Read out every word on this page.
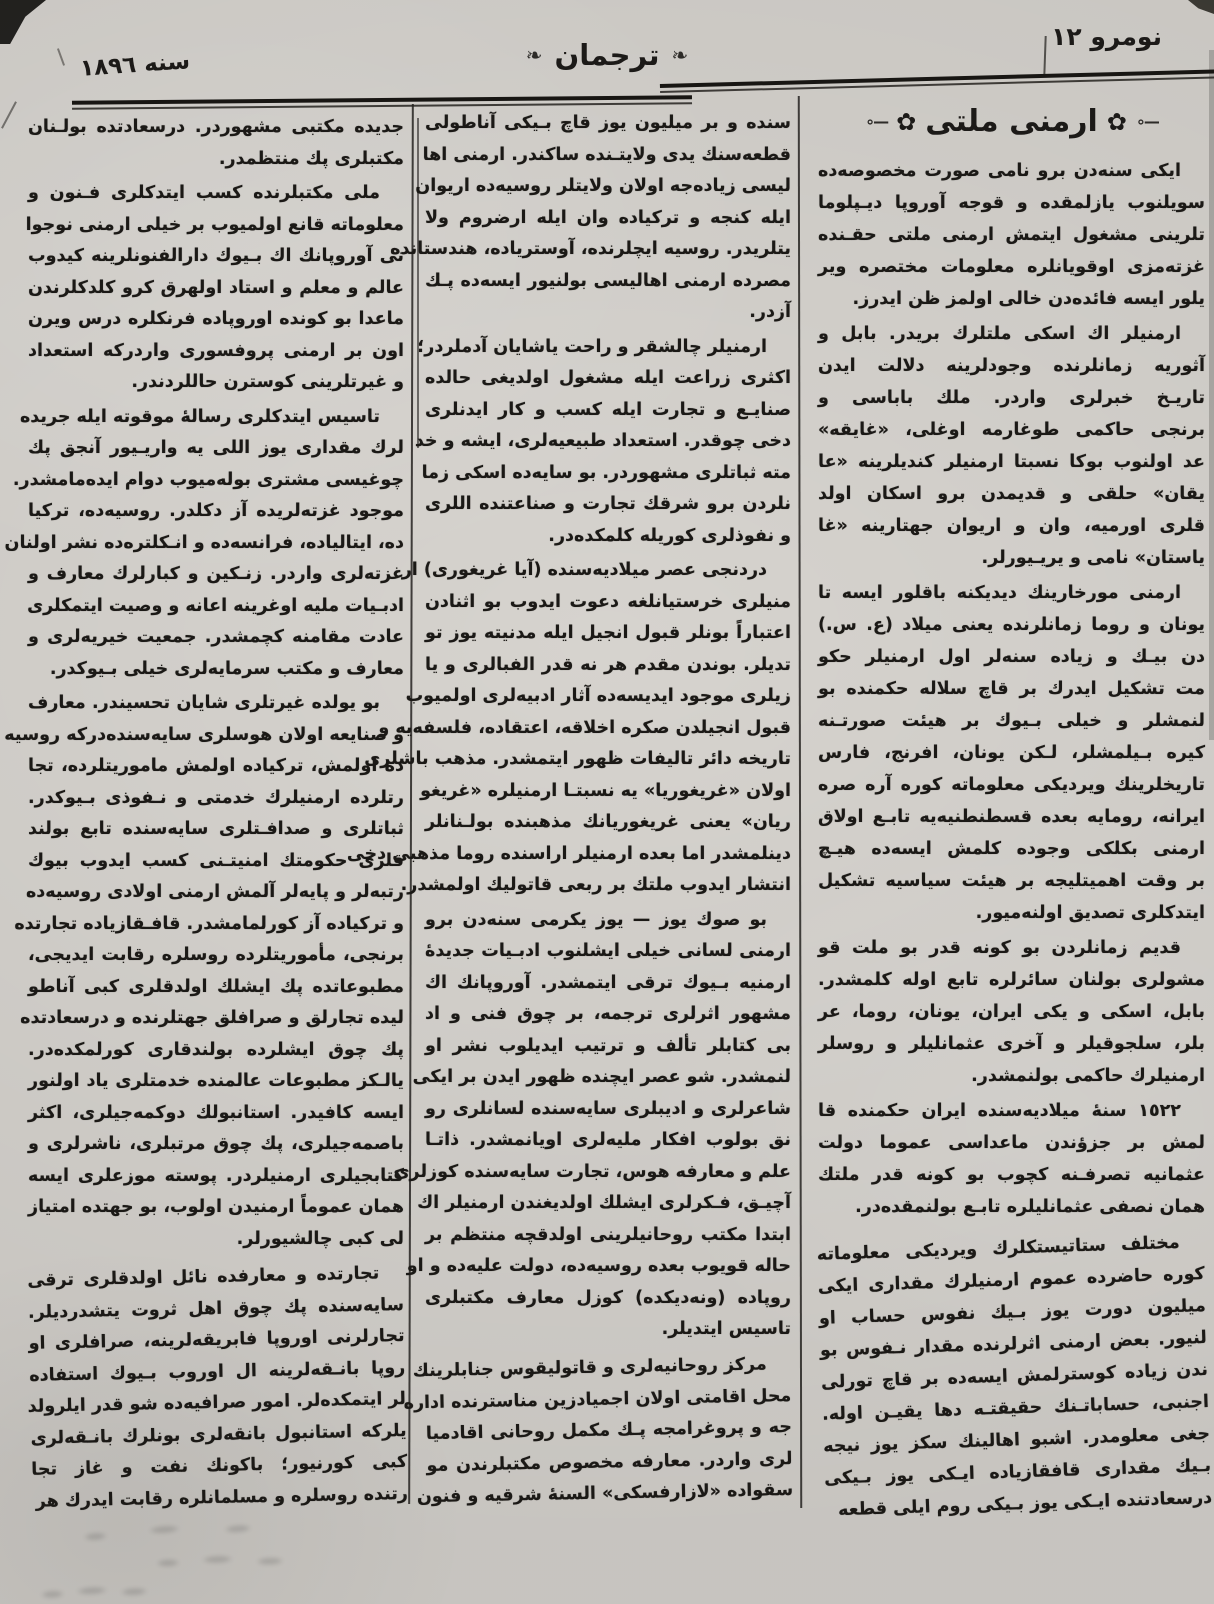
نومرو ١٢
❧
ترجمان
❧
سنه ١٨٩٦
—∘
✿
ارمنى ملتى
✿
—∘
ایکی سنه‌دن برو نامی صورت مخصوصه‌ده
سویلنوب یازلمقده و قوجه آوروپا دیـپلوما
تلرینی مشغول ایتمش ارمنی ملتی حقـنده
غزته‌مزی اوقویانلره معلومات مختصره ویر
یلور ایسه فائده‌دن خالی اولمز ظن ایدرز.
ارمنیلر اك اسکی ملتلرك بریدر. بابل و
آثوریه زمانلرنده وجودلرینه دلالت ایدن
تاریـخ خبرلری واردر. ملك باباسی و
برنجی حاکمی طوغارمه اوغلی، «غایقه»
عد اولنوب بوکا نسبتا ارمنیلر کندیلرینه «عا
یقان» حلقی و قدیمدن برو اسکان اولد
قلری اورمیه، وان و اریوان جهتارینه «غا
یاستان» نامی و یریـیورلر.
ارمنی مورخارینك دیدیکنه باقلور ایسه تا
یونان و روما زمانلرنده یعنی میلاد (ع. س.)
دن بیـك و زیاده سنه‌لر اول ارمنیلر حکو
مت تشکیل ایدرك بر قاچ سلاله حکمنده بو
لنمشلر و خیلی بـیوك بر هیئت صورتـنه
کیره بـیلمشلر، لـکن یونان، افرنج، فارس
تاریخلرینك ویردیکی معلوماته کوره آره صره
ایرانه، رومایه بعده قسطنطنیه‌یه تابـع اولاق
ارمنی بکلکی وجوده کلمش ایسه‌ده هیـچ
بر وقت اهمیتلیجه بر هیئت سیاسیه تشکیل
ایتدکلری تصدیق اولنه‌میور.
قدیم زمانلردن بو کونه قدر بو ملت قو
مشولری بولنان سائرلره تابع اوله کلمشدر.
بابل، اسکی و یکی ایران، یونان، روما، عر
بلر، سلجوقیلر و آخری عثمانلیلر و روسلر
ارمنیلرك حاکمی بولنمشدر.
١٥٢٢ سنهٔ میلادیه‌سنده ایران حکمنده قا
لمش بر جزؤندن ماعداسی عموما دولت
عثمانیه تصرفـنه کچوب بو کونه قدر ملتك
همان نصفی عثمانلیلره تابـع بولنمقده‌در.
مختلف ستاتیستکلرك ویردیکی معلوماته
کوره حاضرده عموم ارمنیلرك مقداری ایکی
میلیون دورت یوز بـیك نفوس حساب او
لنیور. بعض ارمنی اثرلرنده مقدار نـفوس بو
ندن زیاده کوسترلمش ایسه‌ده بر قاچ تورلی
اجنبی، حساباتـنك حقیقتـه دها یقیـن اوله.
جغی معلومدر. اشبو اهالینك سکز یوز نیجه
بـیك مقداری قافقازیاده ایـکی یوز بـیکی
درسعادتنده ایـکی یوز بـیکی روم ایلی قطعه
سنده و بر میلیون یوز قاچ بـیکی آناطولی
قطعه‌سنك یدی ولایتـنده ساکندر. ارمنی اها
لیسی زیاده‌جه اولان ولایتلر روسیه‌ده اریوان
ایله کنجه و ترکیاده وان ایله ارضروم ولا
یتلریدر. روسیه ایچلرنده، آوستریاده، هندستانده
مصرده ارمنی اهالیسی بولنیور ایسه‌ده پـك
آزدر.
ارمنیلر چالشقر و راحت یاشایان آدملردر؛
اکثری زراعت ایله مشغول اولدیغی حالده
صنایـع و تجارت ایله کسب و کار ایدنلری
دخی چوقدر. استعداد طبیعیه‌لری، ایشه و خد
مته ثباتلری مشهوردر. بو سایه‌ده اسکی زما
نلردن برو شرقك تجارت و صناعتنده اللری
و نفوذلری کوریله کلمکده‌در.
دردنجی عصر میلادیه‌سنده (آیا غریغوری) ار
منیلری خرستیانلغه دعوت ایدوب بو اثنادن
اعتباراً بونلر قبول انجیل ایله مدنیته یوز تو
تدیلر. بوندن مقدم هر نه قدر الفبالری و یا
زیلری موجود ایدیسه‌ده آثار ادبیه‌لری اولمیوب
قبول انجیلدن صکره اخلاقه، اعتقاده، فلسفه‌یه و
تاریخه دائر تالیفات ظهور ایتمشدر. مذهب باشلری
اولان «غریغوریا» یه نسبتـا ارمنیلره «غریغو
ریان» یعنی غریغوریانك مذهبنده بولـنانلر
دینلمشدر اما بعده ارمنیلر اراسنده روما مذهبی دخی
انتشار ایدوب ملتك بر ربعی قاتولیك اولمشدر.
بو صوك یوز — یوز یکرمی سنه‌دن برو
ارمنی لسانی خیلی ایشلنوب ادبـیات جدیدهٔ
ارمنیه بـیوك ترقی ایتمشدر. آوروپانك اك
مشهور اثرلری ترجمه، بر چوق فنی و اد
بی کتابلر تألف و ترتیب ایدیلوب نشر او
لنمشدر. شو عصر ایچنده ظهور ایدن بر ایکی
شاعرلری و ادیبلری سایه‌سنده لسانلری رو
نق بولوب افکار ملیه‌لری اویانمشدر. ذاتـا
علم و معارفه هوس، تجارت سایه‌سنده کوزلری
آچیـق، فـکرلری ایشلك اولدیغندن ارمنیلر اك
ابتدا مکتب روحانیلرینی اولدقچه منتظم بر
حاله قویوب بعده روسیه‌ده، دولت علیه‌ده و او
روپاده (ونه‌دیکده) کوزل معارف مکتبلری
تاسیس ایتدیلر.
مرکز روحانیه‌لری و قاتولیقوس جنابلرینك
محل اقامتی اولان اجمیادزین مناسترنده اداره
جه و پروغرامجه پـك مکمل روحانی اقادمیا
لری واردر. معارفه مخصوص مکتبلرندن مو
سقواده «لازارفسکی» السنهٔ شرقیه و فنون
جدیده مکتبی مشهوردر. درسعادتده بولـنان
مکتبلری پك منتظمدر.
ملی مکتبلرنده کسب ایتدکلری فـنون و
معلوماته قانع اولمیوب بر خیلی ارمنی نوجوا
نی آوروپانك اك بـیوك دارالفنونلرینه کیدوب
عالم و معلم و استاد اولهرق کرو کلدکلرندن
ماعدا بو کونده اوروپاده فرنکلره درس ویرن
اون بر ارمنی پروفسوری واردرکه استعداد
و غیرتلرینی کوسترن حاللردندر.
تاسیس ایتدکلری رسالهٔ موقوته ایله جریده
لرك مقداری یوز اللی یه واریـیور آنجق پك
چوغیسی مشتری بوله‌میوب دوام ایده‌مامشدر.
موجود غزته‌لریده آز دکلدر. روسیه‌ده، ترکیا
ده، ایتالیاده، فرانسه‌ده و انـکلتره‌ده نشر اولنان
غزته‌لری واردر. زنـکین و کبارلرك معارف و
ادبـیات ملیه اوغرینه اعانه و وصیت ایتمکلری
عادت مقامنه کچمشدر. جمعیت خیریه‌لری و
معارف و مکتب سرمایه‌لری خیلی بـیوکدر.
بو یولده غیرتلری شایان تحسیندر. معارف
و صنایعه اولان هوسلری سایه‌سنده‌درکه روسیه
ده اولمش، ترکیاده اولمش ماموریتلرده، تجا
رتلرده ارمنیلرك خدمتی و نـفوذی بـیوکدر.
ثباتلری و صدافـتلری سایه‌سنده تابع بولند
قلری حکومتك امنیتـنی کسب ایدوب بیوك
رتبه‌لر و پایه‌لر آلمش ارمنی اولادی روسیه‌ده
و ترکیاده آز کورلمامشدر. قافـقازیاده تجارتده
برنجی، مأموریتلرده روسلره رقابت ایدیجی،
مطبوعاتده پك ایشلك اولدقلری کبی آناطو
لیده تجارلق و صرافلق جهتلرنده و درسعادتده
پك چوق ایشلرده بولندقاری کورلمکده‌در.
یالـکز مطبوعات عالمنده خدمتلری یاد اولنور
ایسه کافیدر. استانبولك دوکمه‌جیلری، اکثر
باصمه‌جیلری، پك چوق مرتبلری، ناشرلری و
کتابجیلری ارمنیلردر. پوسته موزعلری ایسه
همان عموماً ارمنیدن اولوب، بو جهتده امتیاز
لی کبی چالشیورلر.
تجارتده و معارفده نائل اولدقلری ترقی
سایه‌سنده پك چوق اهل ثروت یتشدردیلر.
تجارلرنی اوروپا فابریقه‌لرینه، صرافلری او
روپا بانـقه‌لرینه ال اوروب بـیوك استفاده
لر ایتمکده‌لر. امور صرافیه‌ده شو قدر ایلرولد
یلرکه استانبول بانقه‌لری بونلرك بانـقه‌لری
کبی کورنیور؛ باکونك نفت و غاز تجا
رتنده روسلره و مسلمانلره رقابت ایدرك هر
